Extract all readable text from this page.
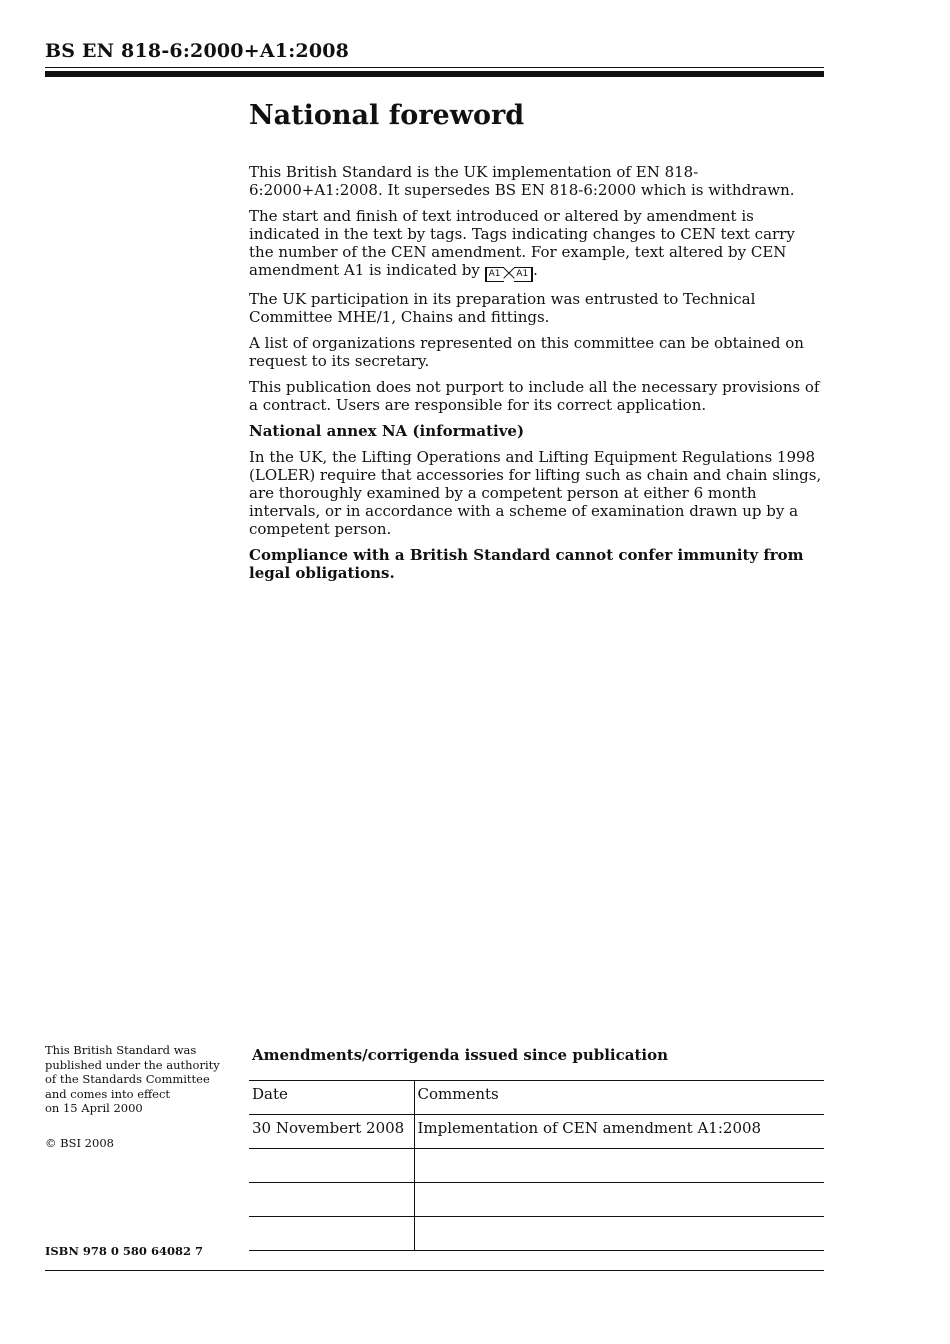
BS EN 818-6:2000+A1:2008
National foreword

This British Standard is the UK implementation of EN 818-6:2000+A1:2008. It supersedes BS EN 818-6:2000 which is withdrawn.

The start and finish of text introduced or altered by amendment is indicated in the text by tags. Tags indicating changes to CEN text carry the number of the CEN amendment. For example, text altered by CEN amendment A1 is indicated by A1 A1 .

The UK participation in its preparation was entrusted to Technical Committee MHE/1, Chains and fittings.

A list of organizations represented on this committee can be obtained on request to its secretary.

This publication does not purport to include all the necessary provisions of a contract. Users are responsible for its correct application.

National annex NA (informative)

In the UK, the Lifting Operations and Lifting Equipment Regulations 1998 (LOLER) require that accessories for lifting such as chain and chain slings, are thoroughly examined by a competent person at either 6 month intervals, or in accordance with a scheme of examination drawn up by a competent person.

Compliance with a British Standard cannot confer immunity from legal obligations.

This British Standard was
published under the authority
of the Standards Committee
and comes into effect
on 15 April 2000
© BSI 2008
ISBN 978 0 580 64082 7
Amendments/corrigenda issued since publication
Date	Comments
30 Novembert 2008	Implementation of CEN amendment A1:2008
